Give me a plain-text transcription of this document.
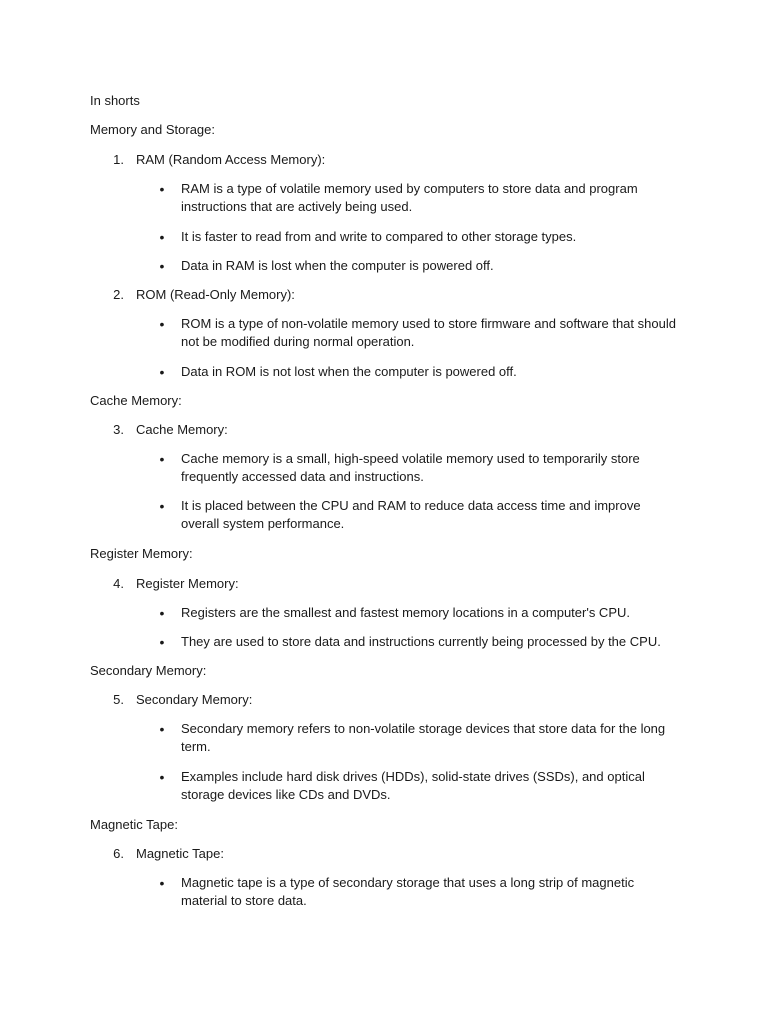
In shorts
Memory and Storage:
1. RAM (Random Access Memory):
• RAM is a type of volatile memory used by computers to store data and program instructions that are actively being used.
• It is faster to read from and write to compared to other storage types.
• Data in RAM is lost when the computer is powered off.
2. ROM (Read-Only Memory):
• ROM is a type of non-volatile memory used to store firmware and software that should not be modified during normal operation.
• Data in ROM is not lost when the computer is powered off.
Cache Memory:
3. Cache Memory:
• Cache memory is a small, high-speed volatile memory used to temporarily store frequently accessed data and instructions.
• It is placed between the CPU and RAM to reduce data access time and improve overall system performance.
Register Memory:
4. Register Memory:
• Registers are the smallest and fastest memory locations in a computer's CPU.
• They are used to store data and instructions currently being processed by the CPU.
Secondary Memory:
5. Secondary Memory:
• Secondary memory refers to non-volatile storage devices that store data for the long term.
• Examples include hard disk drives (HDDs), solid-state drives (SSDs), and optical storage devices like CDs and DVDs.
Magnetic Tape:
6. Magnetic Tape:
• Magnetic tape is a type of secondary storage that uses a long strip of magnetic material to store data.
